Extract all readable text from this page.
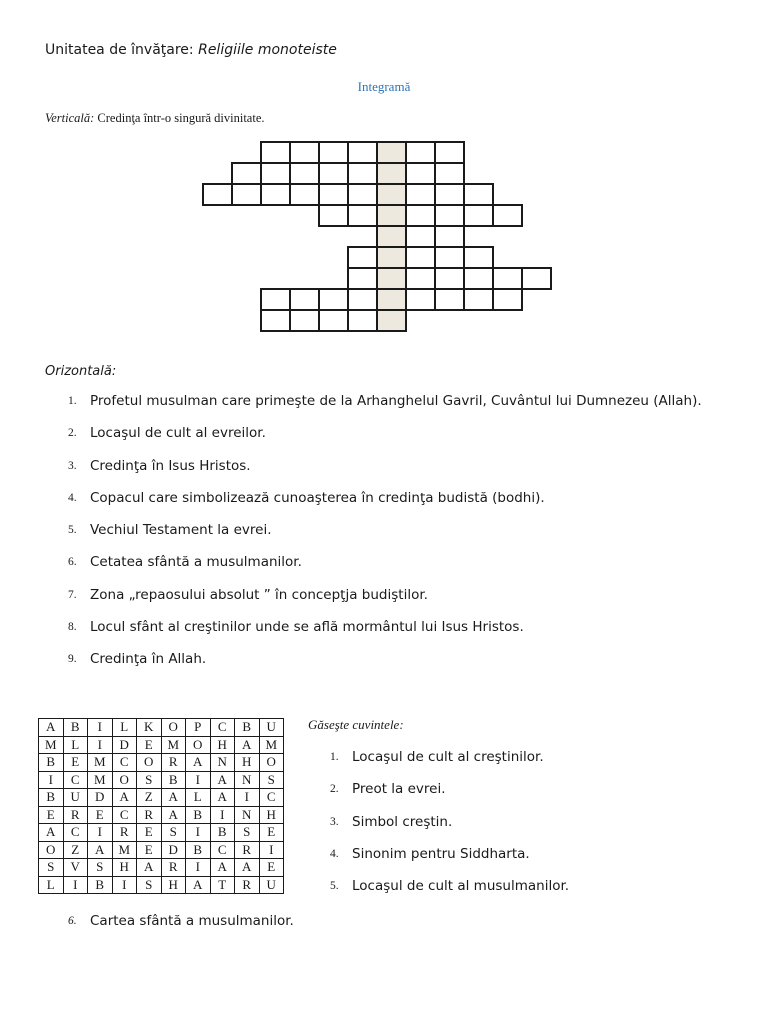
Unitatea de învăţare: Religiile monoteiste
Integramă
Verticală: Credinţa într-o singură divinitate.
Orizontală:
1. Profetul musulman care primeşte de la Arhanghelul Gavril, Cuvântul lui Dumnezeu (Allah).
2. Locaşul de cult al evreilor.
3. Credinţa în Isus Hristos.
4. Copacul care simbolizează cunoaşterea în credinţa budistă (bodhi).
5. Vechiul Testament la evrei.
6. Cetatea sfântă a musulmanilor.
7. Zona „repaosului absolut ” în concepţja budiştilor.
8. Locul sfânt al creştinilor unde se află mormântul lui Isus Hristos.
9. Credinţa în Allah.
A	B	I	L	K	O	P	C	B	U
M	L	I	D	E	M	O	H	A	M
B	E	M	C	O	R	A	N	H	O
I	C	M	O	S	B	I	A	N	S
B	U	D	A	Z	A	L	A	I	C
E	R	E	C	R	A	B	I	N	H
A	C	I	R	E	S	I	B	S	E
O	Z	A	M	E	D	B	C	R	I
S	V	S	H	A	R	I	A	A	E
L	I	B	I	S	H	A	T	R	U
Găseşte cuvintele:
1. Locaşul de cult al creştinilor.
2. Preot la evrei.
3. Simbol creştin.
4. Sinonim pentru Siddharta.
5. Locaşul de cult al musulmanilor.
6. Cartea sfântă a musulmanilor.
